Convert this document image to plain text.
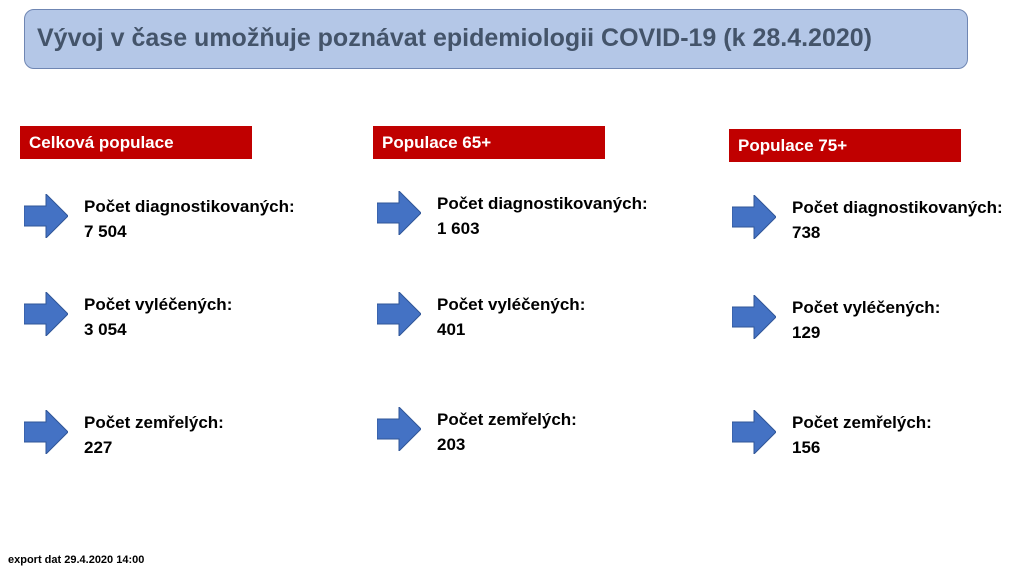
Vývoj v čase umožňuje poznávat epidemiologii COVID-19 (k 28.4.2020)
Celková populace	Populace 65+	Populace 75+
Počet diagnostikovaných:
7 504
Počet vyléčených:
3 054
Počet zemřelých:
227
Počet diagnostikovaných:
1 603
Počet vyléčených:
401
Počet zemřelých:
203
Počet diagnostikovaných:
738
Počet vyléčených:
129
Počet zemřelých:
156
export dat 29.4.2020 14:00
